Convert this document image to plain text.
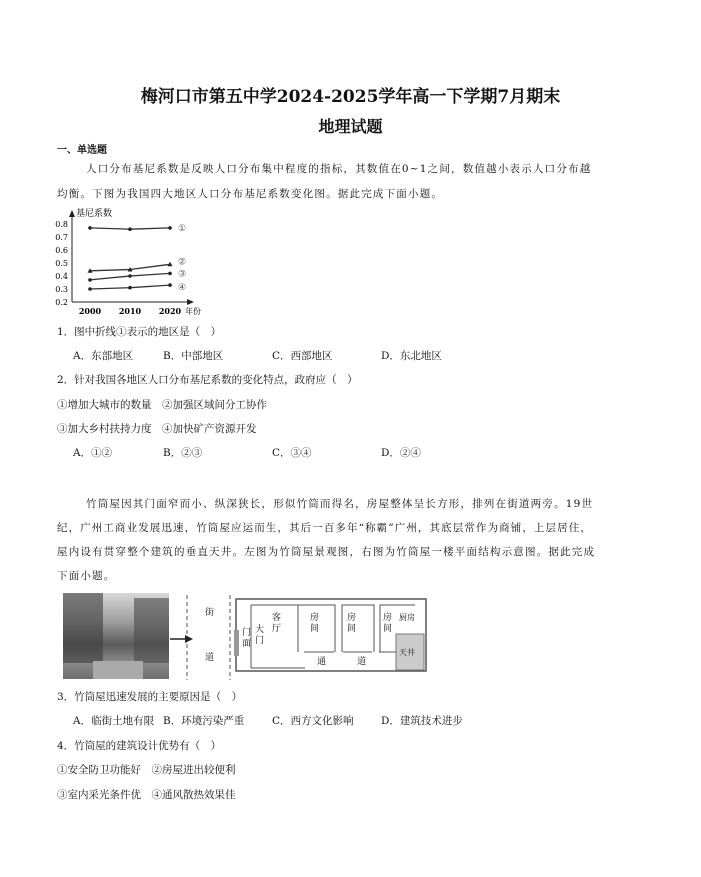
梅河口市第五中学2024-2025学年高一下学期7月期末
地理试题
一、单选题
人口分布基尼系数是反映人口分布集中程度的指标，其数值在0~1之间，数值越小表示人口分布越
均衡。下图为我国四大地区人口分布基尼系数变化图。据此完成下面小题。
基尼系数
0.2
0.3
0.4
0.5
0.6
0.7
0.8
2000 2010 2020 年份
①
②
③
④
1．图中折线①表示的地区是（　）
A．东部地区	B．中部地区	C．西部地区	D．东北地区
2．针对我国各地区人口分布基尼系数的变化特点，政府应（　）
①增加大城市的数量　②加强区域间分工协作
③加大乡村扶持力度　④加快矿产资源开发
A．①②	B．②③	C．③④	D．②④
竹筒屋因其门面窄而小、纵深狭长，形似竹筒而得名，房屋整体呈长方形，排列在街道两旁。19世
纪，广州工商业发展迅速，竹筒屋应运而生，其后一百多年“称霸”广州，其底层常作为商铺，上层居住，
屋内设有贯穿整个建筑的垂直天井。左图为竹筒屋景观图，右图为竹筒屋一楼平面结构示意图。据此完成
下面小题。
街
道
门
面
大
门
客
厅
房
间
房
间
房
间
厨房
天井
通	道
3．竹筒屋迅速发展的主要原因是（　）
A．临街土地有限 B．环境污染严重	C．西方文化影响	D．建筑技术进步
4．竹筒屋的建筑设计优势有（　）
①安全防卫功能好　②房屋进出较便利
③室内采光条件优　④通风散热效果佳
